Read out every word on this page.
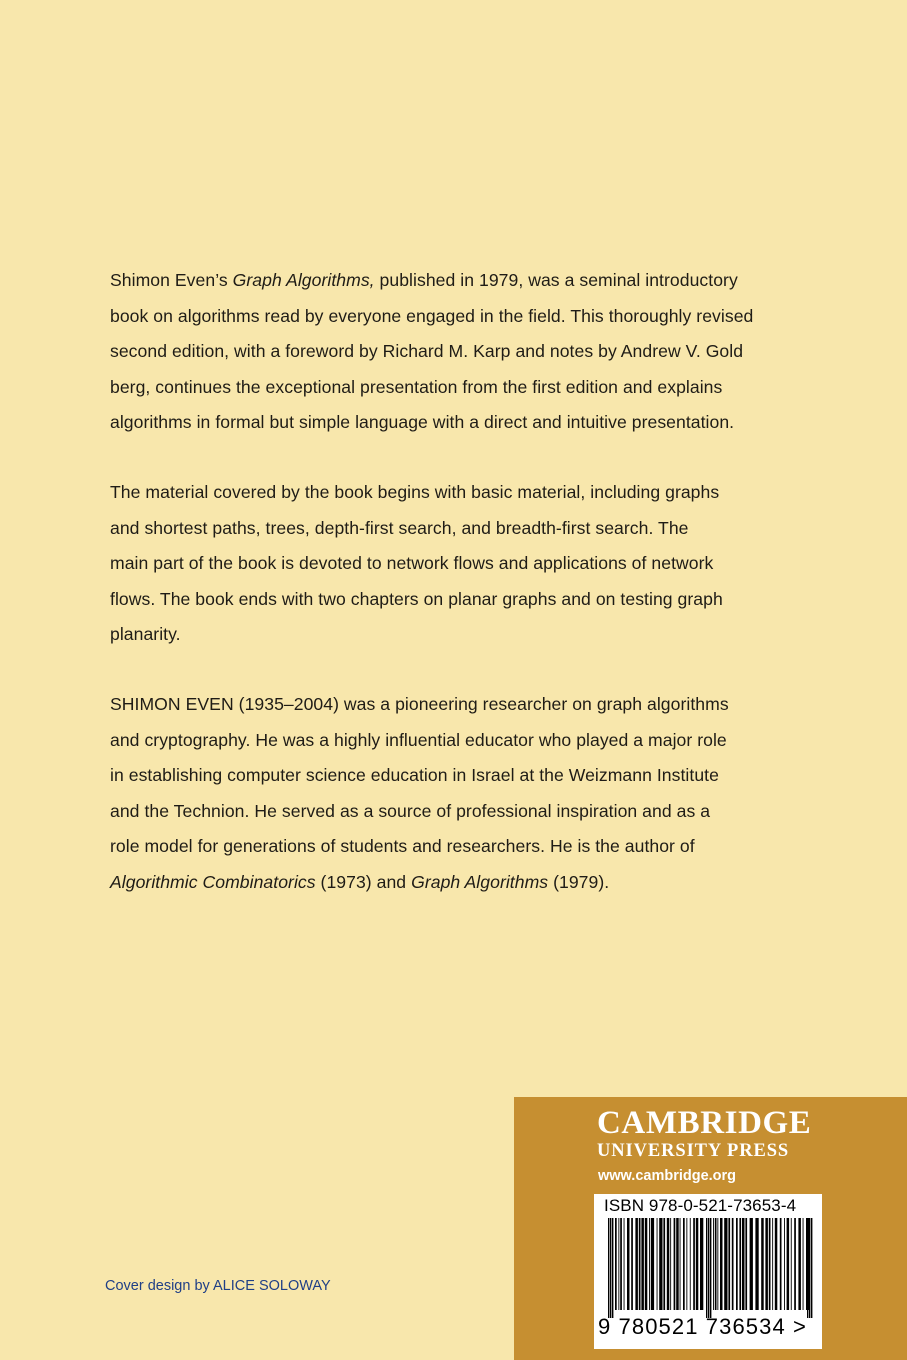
Shimon Even’s Graph Algorithms, published in 1979, was a seminal introductory
book on algorithms read by everyone engaged in the field. This thoroughly revised
second edition, with a foreword by Richard M. Karp and notes by Andrew V. Gold
berg, continues the exceptional presentation from the first edition and explains
algorithms in formal but simple language with a direct and intuitive presentation.

The material covered by the book begins with basic material, including graphs
and shortest paths, trees, depth-first search, and breadth-first search. The
main part of the book is devoted to network flows and applications of network
flows. The book ends with two chapters on planar graphs and on testing graph
planarity.

SHIMON EVEN (1935–2004) was a pioneering researcher on graph algorithms
and cryptography. He was a highly influential educator who played a major role
in establishing computer science education in Israel at the Weizmann Institute
and the Technion. He served as a source of professional inspiration and as a
role model for generations of students and researchers. He is the author of
Algorithmic Combinatorics (1973) and Graph Algorithms (1979).

Cover design by ALICE SOLOWAY
CAMBRIDGE
UNIVERSITY PRESS
www.cambridge.org
ISBN 978-0-521-73653-4
9 780521 736534 >
